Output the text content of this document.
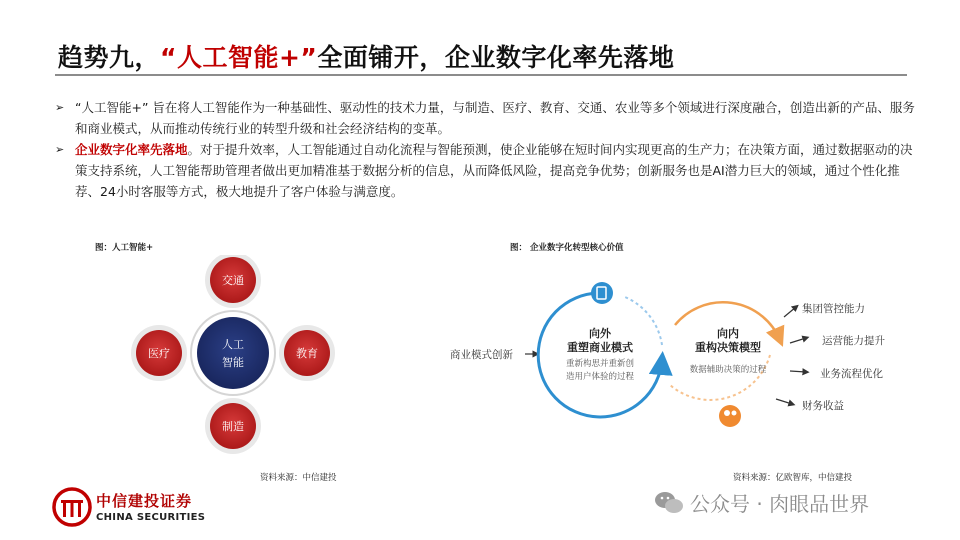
趋势九，“人工智能+”全面铺开，企业数字化率先落地
➢ “人工智能+” 旨在将人工智能作为一种基础性、驱动性的技术力量，与制造、医疗、教育、交通、农业等多个领域进行深度融合，创造出新的产品、服务和商业模式，从而推动传统行业的转型升级和社会经济结构的变革。
➢ 企业数字化率先落地。对于提升效率，人工智能通过自动化流程与智能预测，使企业能够在短时间内实现更高的生产力；在决策方面，通过数据驱动的决策支持系统，人工智能帮助管理者做出更加精准基于数据分析的信息，从而降低风险，提高竞争优势；创新服务也是AI潜力巨大的领域，通过个性化推荐、24小时客服等方式，极大地提升了客户体验与满意度。
图：人工智能+
交通
制造
医疗	教育
人工
智能
资料来源：中信建投
图： 企业数字化转型核心价值
商业模式创新
向外
重塑商业模式
重新构思并重新创
造用户体验的过程
向内
重构决策模型
数据辅助决策的过程
集团管控能力
运营能力提升
业务流程优化
财务收益
资料来源：亿欧智库，中信建投
中信建投证券
CHINA SECURITIES
公众号 · 肉眼品世界
